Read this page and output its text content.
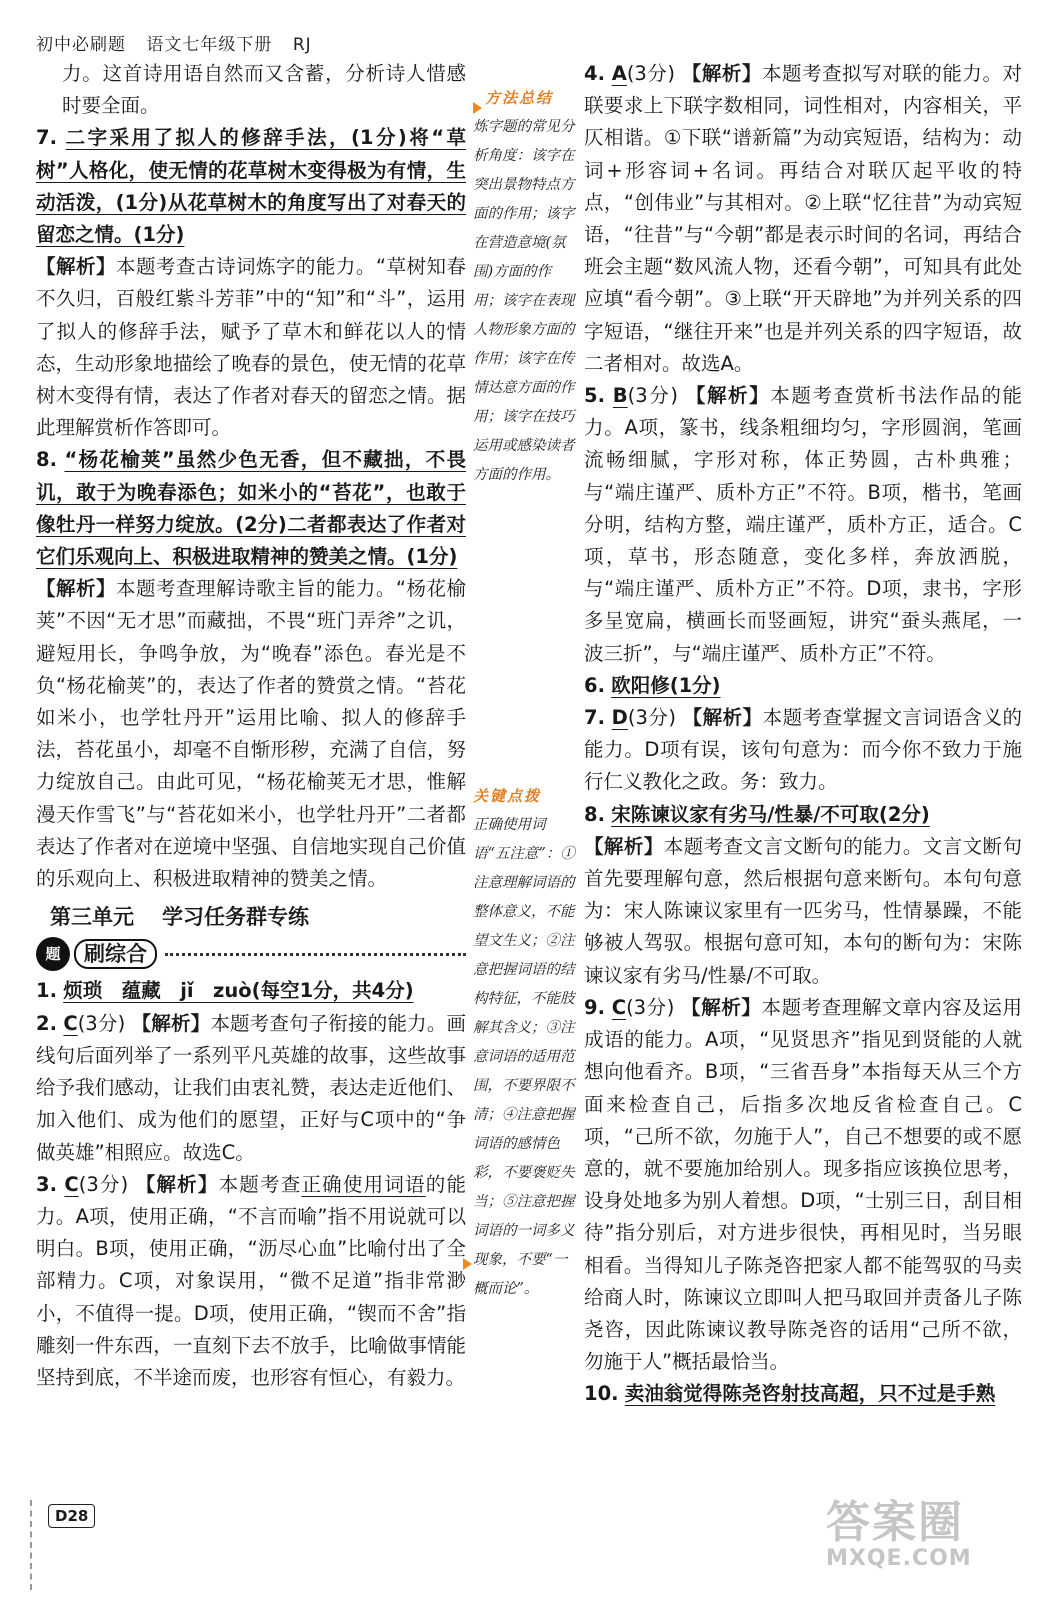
初中必刷题 语文七年级下册 RJ

力。这首诗用语自然而又含蓄，分析诗人惜感时要全面。

7. 二字采用了拟人的修辞手法，(1分)将“草树”人格化，使无情的花草树木变得极为有情，生动活泼，(1分)从花草树木的角度写出了对春天的留恋之情。(1分)

【解析】本题考查古诗词炼字的能力。“草树知春不久归，百般红紫斗芳菲”中的“知”和“斗”，运用了拟人的修辞手法，赋予了草木和鲜花以人的情态，生动形象地描绘了晚春的景色，使无情的花草树木变得有情，表达了作者对春天的留恋之情。据此理解赏析作答即可。

8. “杨花榆荚”虽然少色无香，但不藏拙，不畏讥，敢于为晚春添色；如米小的“苔花”，也敢于像牡丹一样努力绽放。(2分)二者都表达了作者对它们乐观向上、积极进取精神的赞美之情。(1分)

【解析】本题考查理解诗歌主旨的能力。“杨花榆荚”不因“无才思”而藏拙，不畏“班门弄斧”之讥，避短用长，争鸣争放，为“晚春”添色。春光是不负“杨花榆荚”的，表达了作者的赞赏之情。“苔花如米小，也学牡丹开”运用比喻、拟人的修辞手法，苔花虽小，却毫不自惭形秽，充满了自信，努力绽放自己。由此可见，“杨花榆荚无才思，惟解漫天作雪飞”与“苔花如米小，也学牡丹开”二者都表达了作者对在逆境中坚强、自信地实现自己价值的乐观向上、积极进取精神的赞美之情。

第三单元 学习任务群专练

题	刷综合

1. 烦琐　蕴藏　jǐ　zuò(每空1分，共4分)

2. C(3分) 【解析】本题考查句子衔接的能力。画线句后面列举了一系列平凡英雄的故事，这些故事给予我们感动，让我们由衷礼赞，表达走近他们、加入他们、成为他们的愿望，正好与C项中的“争做英雄”相照应。故选C。

3. C(3分) 【解析】本题考查正确使用词语的能力。A项，使用正确，“不言而喻”指不用说就可以明白。B项，使用正确，“沥尽心血”比喻付出了全部精力。C项，对象误用，“微不足道”指非常渺小，不值得一提。D项，使用正确，“锲而不舍”指雕刻一件东西，一直刻下去不放手，比喻做事情能坚持到底，不半途而废，也形容有恒心，有毅力。

方法总结
炼字题的常见分析角度：该字在突出景物特点方面的作用；该字在营造意境(氛围)方面的作用；该字在表现人物形象方面的作用；该字在传情达意方面的作用；该字在技巧运用或感染读者方面的作用。
关键点拨
正确使用词语“五注意”：①注意理解词语的整体意义，不能望文生义；②注意把握词语的结构特征，不能肢解其含义；③注意词语的适用范围，不要界限不清；④注意把握词语的感情色彩，不要褒贬失当；⑤注意把握词语的一词多义现象，不要“一概而论”。

4. A(3分) 【解析】本题考查拟写对联的能力。对联要求上下联字数相同，词性相对，内容相关，平仄相谐。①下联“谱新篇”为动宾短语，结构为：动词+形容词+名词。再结合对联仄起平收的特点，“创伟业”与其相对。②上联“忆往昔”为动宾短语，“往昔”与“今朝”都是表示时间的名词，再结合班会主题“数风流人物，还看今朝”，可知具有此处应填“看今朝”。③上联“开天辟地”为并列关系的四字短语，“继往开来”也是并列关系的四字短语，故二者相对。故选A。

5. B(3分) 【解析】本题考查赏析书法作品的能力。A项，篆书，线条粗细均匀，字形圆润，笔画流畅细腻，字形对称，体正势圆，古朴典雅；与“端庄谨严、质朴方正”不符。B项，楷书，笔画分明，结构方整，端庄谨严，质朴方正，适合。C项，草书，形态随意，变化多样，奔放洒脱，与“端庄谨严、质朴方正”不符。D项，隶书，字形多呈宽扁，横画长而竖画短，讲究“蚕头燕尾，一波三折”，与“端庄谨严、质朴方正”不符。

6. 欧阳修(1分)

7. D(3分) 【解析】本题考查掌握文言词语含义的能力。D项有误，该句句意为：而今你不致力于施行仁义教化之政。务：致力。

8. 宋陈谏议家有劣马/性暴/不可取(2分)

【解析】本题考查文言文断句的能力。文言文断句首先要理解句意，然后根据句意来断句。本句句意为：宋人陈谏议家里有一匹劣马，性情暴躁，不能够被人驾驭。根据句意可知，本句的断句为：宋陈谏议家有劣马/性暴/不可取。

9. C(3分) 【解析】本题考查理解文章内容及运用成语的能力。A项，“见贤思齐”指见到贤能的人就想向他看齐。B项，“三省吾身”本指每天从三个方面来检查自己，后指多次地反省检查自己。C项，“己所不欲，勿施于人”，自己不想要的或不愿意的，就不要施加给别人。现多指应该换位思考，设身处地多为别人着想。D项，“士别三日，刮目相待”指分别后，对方进步很快，再相见时，当另眼相看。当得知儿子陈尧咨把家人都不能驾驭的马卖给商人时，陈谏议立即叫人把马取回并责备儿子陈尧咨，因此陈谏议教导陈尧咨的话用“己所不欲，勿施于人”概括最恰当。

10. 卖油翁觉得陈尧咨射技高超，只不过是手熟

D28	答案圈
MXQE.COM
